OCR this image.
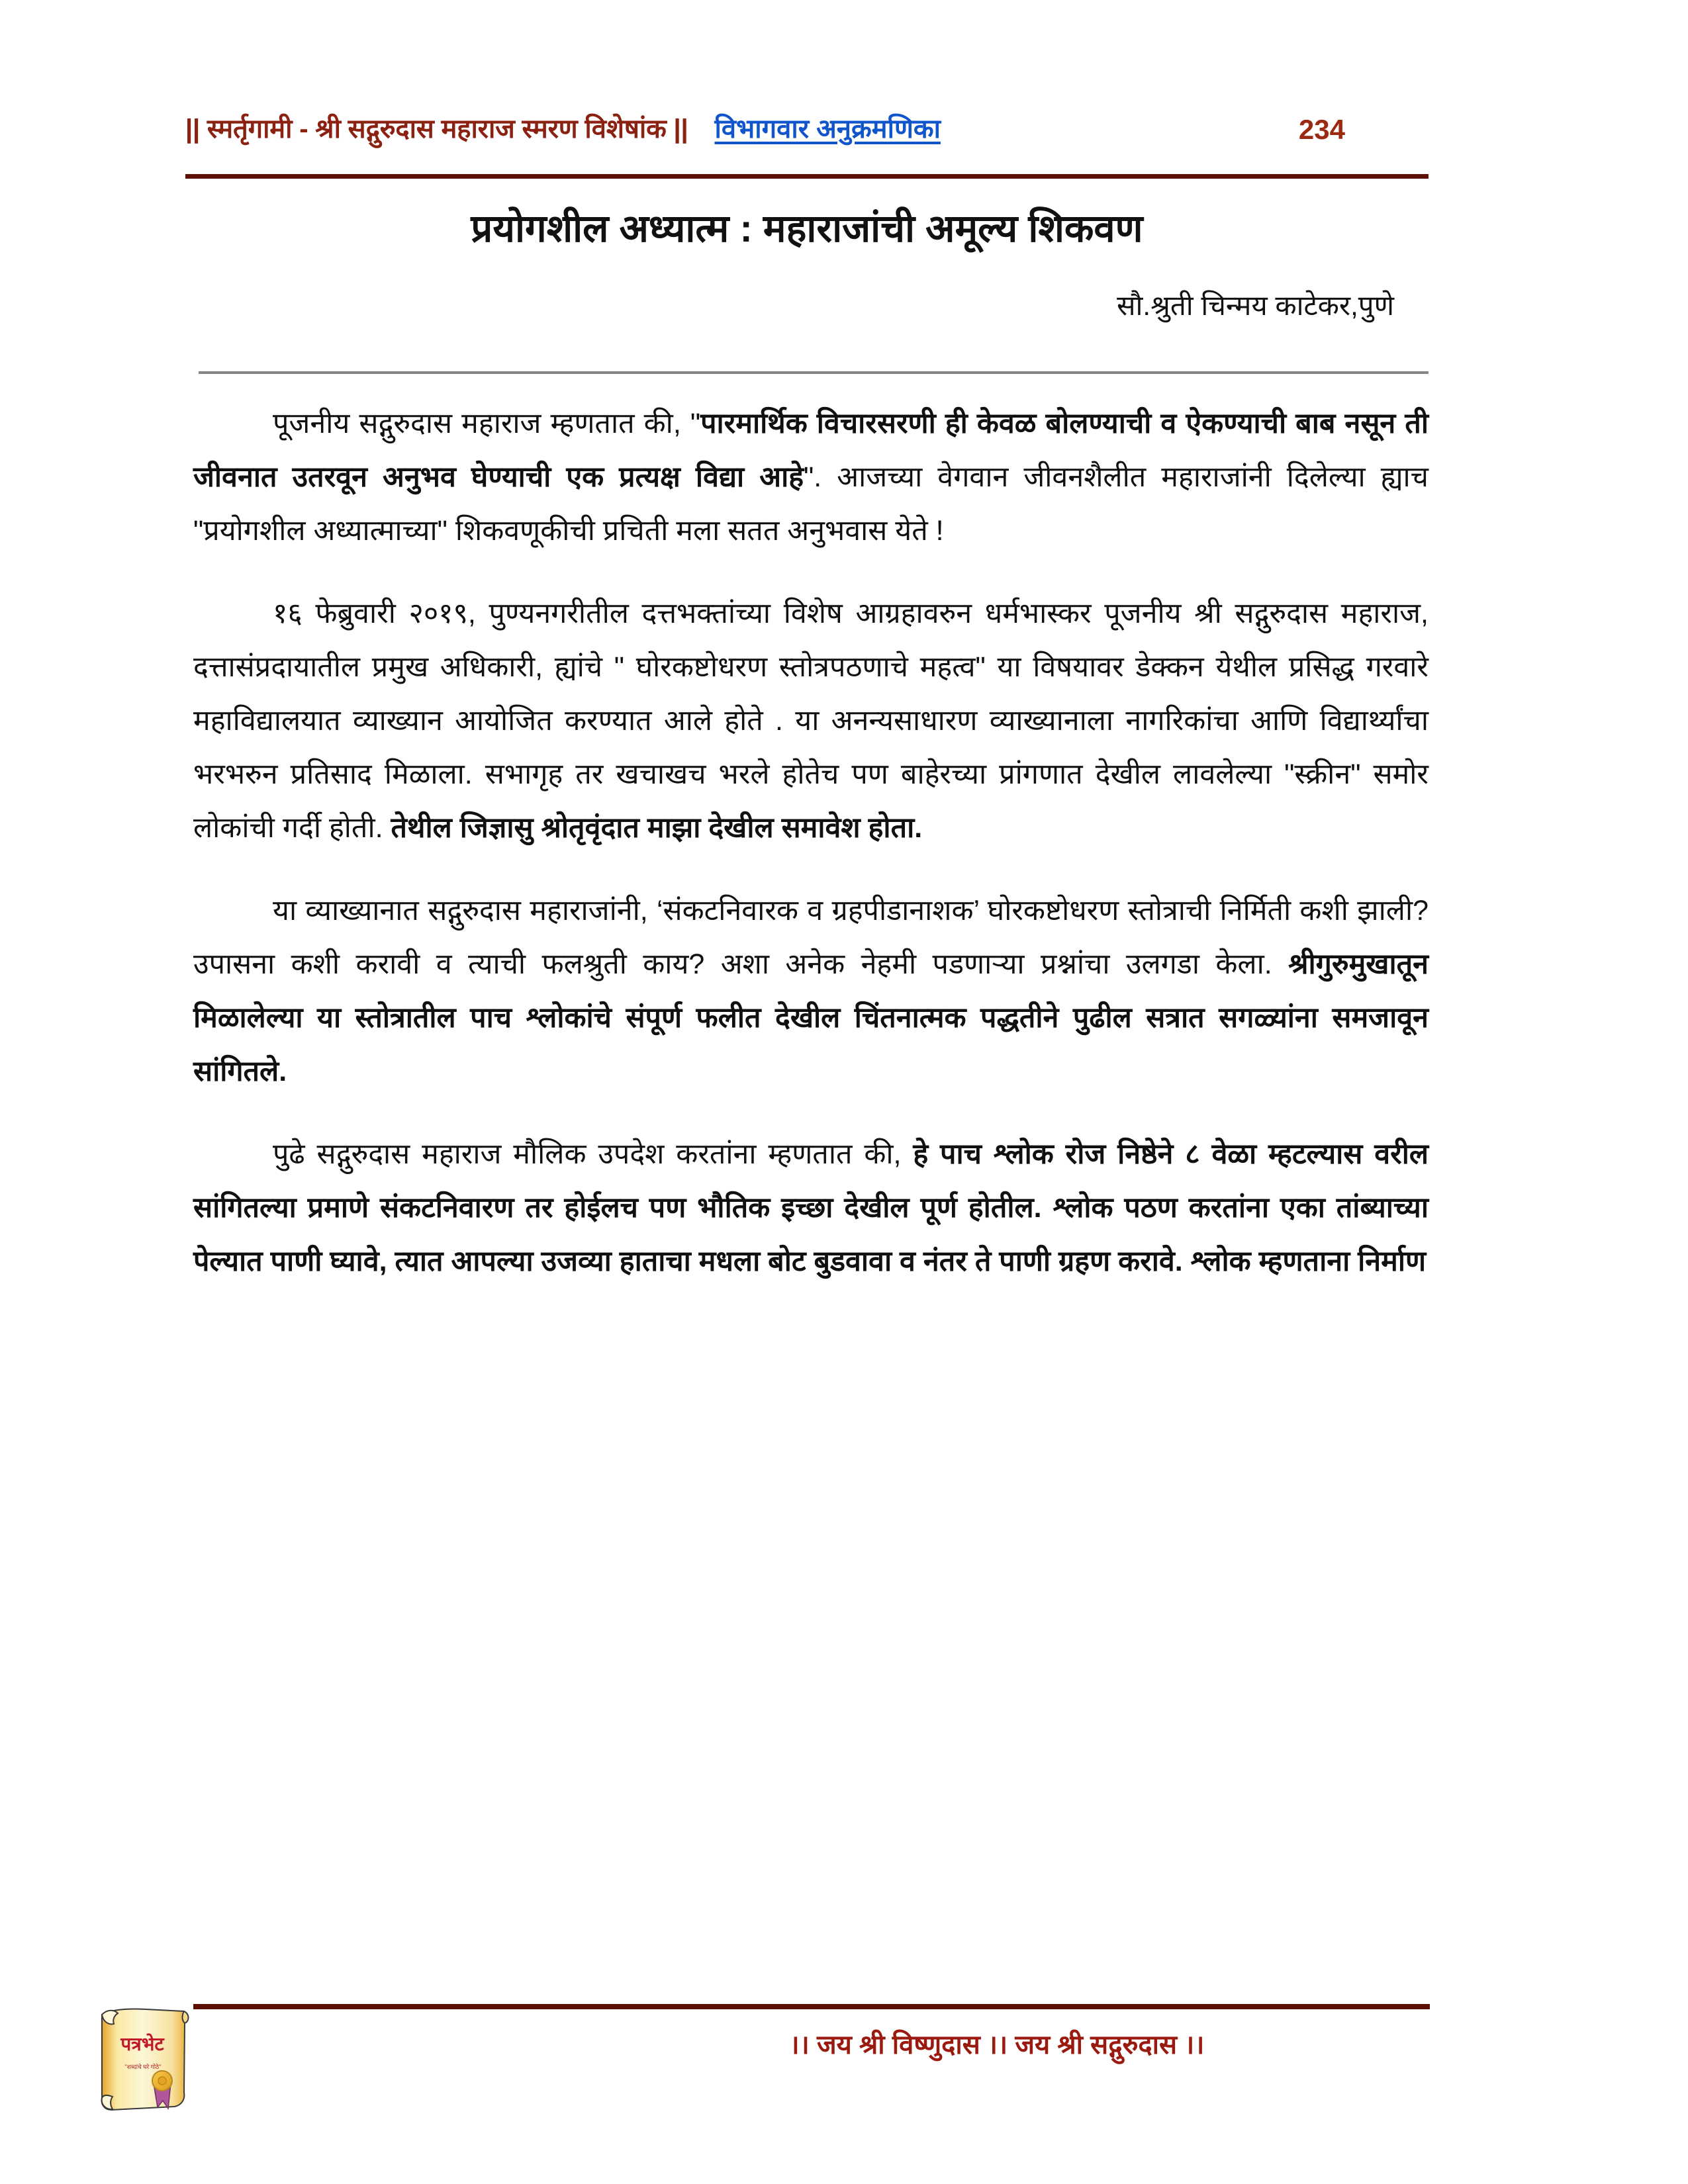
|| स्मर्तृगामी - श्री सद्गुरुदास महाराज स्मरण विशेषांक || विभागवार अनुक्रमणिका	234
प्रयोगशील अध्यात्म : महाराजांची अमूल्य शिकवण
सौ.श्रुती चिन्मय काटेकर,पुणे

पूजनीय सद्गुरुदास महाराज म्हणतात की, "पारमार्थिक विचारसरणी ही केवळ बोलण्याची व ऐकण्याची बाब नसून ती जीवनात उतरवून अनुभव घेण्याची एक प्रत्यक्ष विद्या आहे". आजच्या वेगवान जीवनशैलीत महाराजांनी दिलेल्या ह्याच "प्रयोगशील अध्यात्माच्या" शिकवणूकीची प्रचिती मला सतत अनुभवास येते !

१६ फेब्रुवारी २०१९, पुण्यनगरीतील दत्तभक्तांच्या विशेष आग्रहावरुन धर्मभास्कर पूजनीय श्री सद्गुरुदास महाराज, दत्तासंप्रदायातील प्रमुख अधिकारी, ह्यांचे " घोरकष्टोधरण स्तोत्रपठणाचे महत्व" या विषयावर डेक्कन येथील प्रसिद्ध गरवारे महाविद्यालयात व्याख्यान आयोजित करण्यात आले होते . या अनन्यसाधारण व्याख्यानाला नागरिकांचा आणि विद्यार्थ्यांचा भरभरुन प्रतिसाद मिळाला. सभागृह तर खचाखच भरले होतेच पण बाहेरच्या प्रांगणात देखील लावलेल्या "स्क्रीन" समोर लोकांची गर्दी होती. तेथील जिज्ञासु श्रोतृवृंदात माझा देखील समावेश होता.

या व्याख्यानात सद्गुरुदास महाराजांनी, ‘संकटनिवारक व ग्रहपीडानाशक’ घोरकष्टोधरण स्तोत्राची निर्मिती कशी झाली? उपासना कशी करावी व त्याची फलश्रुती काय? अशा अनेक नेहमी पडणाऱ्या प्रश्नांचा उलगडा केला. श्रीगुरुमुखातून मिळालेल्या या स्तोत्रातील पाच श्लोकांचे संपूर्ण फलीत देखील चिंतनात्मक पद्धतीने पुढील सत्रात सगळ्यांना समजावून सांगितले.

पुढे सद्गुरुदास महाराज मौलिक उपदेश करतांना म्हणतात की, हे पाच श्लोक रोज निष्ठेने ८ वेळा म्हटल्यास वरील सांगितल्या प्रमाणे संकटनिवारण तर होईलच पण भौतिक इच्छा देखील पूर्ण होतील. श्लोक पठण करतांना एका तांब्याच्या पेल्यात पाणी घ्यावे, त्यात आपल्या उजव्या हाताचा मधला बोट बुडवावा व नंतर ते पाणी ग्रहण करावे. श्लोक म्हणताना निर्माण

।। जय श्री विष्णुदास ।। जय श्री सद्गुरुदास ।।
पत्रभेट
"शब्दांचे घरे गोठे"
